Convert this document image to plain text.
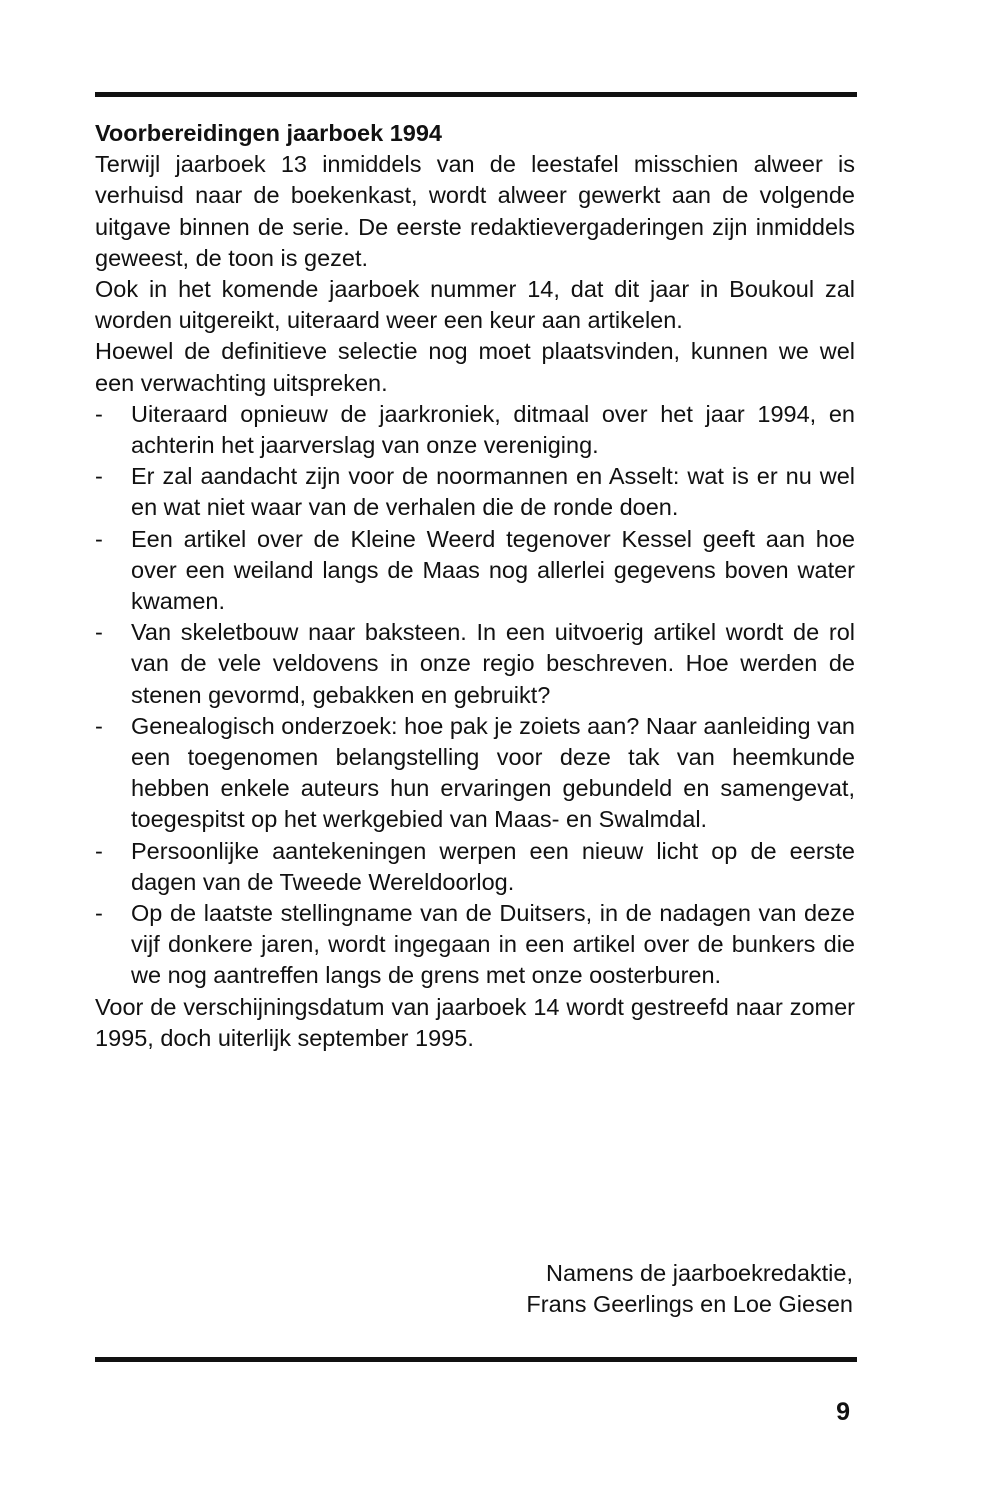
Voorbereidingen jaarboek 1994

Terwijl jaarboek 13 inmiddels van de leestafel misschien alweer is verhuisd naar de boekenkast, wordt alweer gewerkt aan de volgende uitgave binnen de serie. De eerste redaktievergaderingen zijn inmiddels geweest, de toon is gezet.

Ook in het komende jaarboek nummer 14, dat dit jaar in Boukoul zal worden uitgereikt, uiteraard weer een keur aan artikelen.

Hoewel de definitieve selectie nog moet plaatsvinden, kunnen we wel een verwachting uitspreken.

- Uiteraard opnieuw de jaarkroniek, ditmaal over het jaar 1994, en achterin het jaarverslag van onze vereniging.
- Er zal aandacht zijn voor de noormannen en Asselt: wat is er nu wel en wat niet waar van de verhalen die de ronde doen.
- Een artikel over de Kleine Weerd tegenover Kessel geeft aan hoe over een weiland langs de Maas nog allerlei gegevens boven water kwamen.
- Van skeletbouw naar baksteen. In een uitvoerig artikel wordt de rol van de vele veldovens in onze regio beschreven. Hoe werden de stenen gevormd, gebakken en gebruikt?
- Genealogisch onderzoek: hoe pak je zoiets aan? Naar aanleiding van een toegenomen belangstelling voor deze tak van heemkunde hebben enkele auteurs hun ervaringen gebundeld en samengevat, toegespitst op het werkgebied van Maas- en Swalmdal.
- Persoonlijke aantekeningen werpen een nieuw licht op de eerste dagen van de Tweede Wereldoorlog.
- Op de laatste stellingname van de Duitsers, in de nadagen van deze vijf donkere jaren, wordt ingegaan in een artikel over de bunkers die we nog aantreffen langs de grens met onze oosterburen.

Voor de verschijningsdatum van jaarboek 14 wordt gestreefd naar zomer 1995, doch uiterlijk september 1995.

Namens de jaarboekredaktie,
Frans Geerlings en Loe Giesen
9
